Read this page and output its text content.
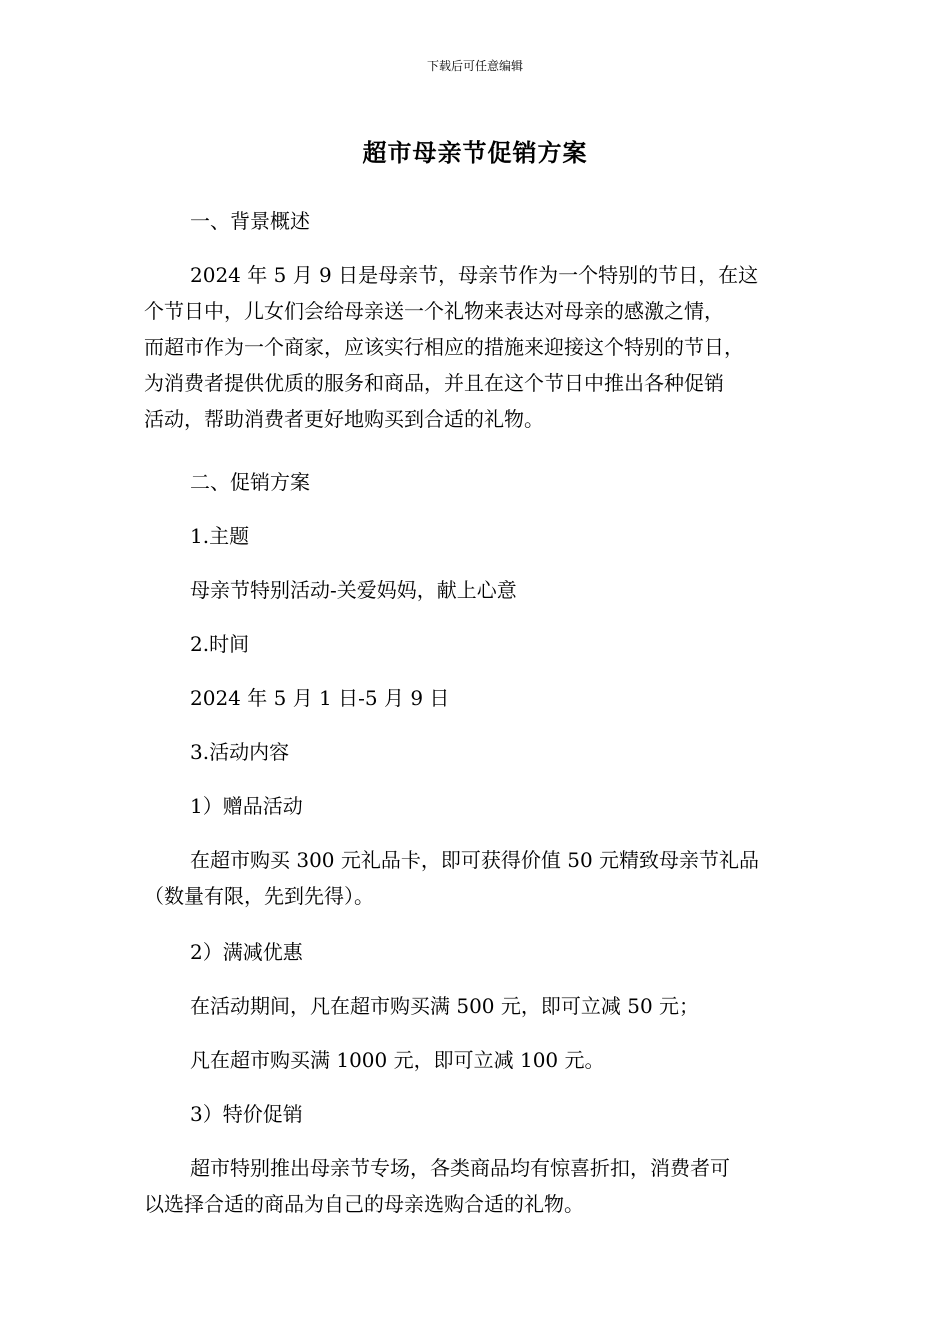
下载后可任意编辑
超市母亲节促销方案
一、背景概述
2024 年 5 月 9 日是母亲节，母亲节作为一个特别的节日，在这
个节日中，儿女们会给母亲送一个礼物来表达对母亲的感激之情，
而超市作为一个商家，应该实行相应的措施来迎接这个特别的节日，
为消费者提供优质的服务和商品，并且在这个节日中推出各种促销
活动，帮助消费者更好地购买到合适的礼物。
二、促销方案
1.主题
母亲节特别活动-关爱妈妈，献上心意
2.时间
2024 年 5 月 1 日-5 月 9 日
3.活动内容
1）赠品活动
在超市购买 300 元礼品卡，即可获得价值 50 元精致母亲节礼品
（数量有限，先到先得）。
2）满减优惠
在活动期间，凡在超市购买满 500 元，即可立减 50 元；
凡在超市购买满 1000 元，即可立减 100 元。
3）特价促销
超市特别推出母亲节专场，各类商品均有惊喜折扣，消费者可
以选择合适的商品为自己的母亲选购合适的礼物。
